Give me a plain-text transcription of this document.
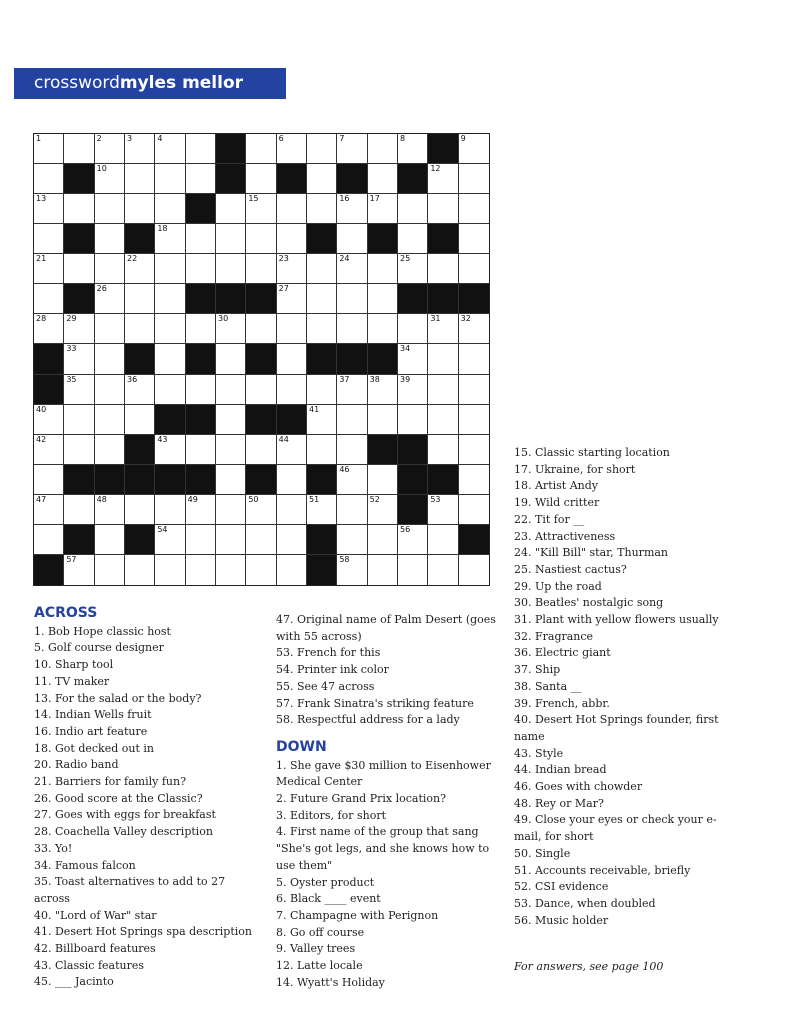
crosswordmyles mellor
1	2	3	4	6	7	8	9
10	12
13	15	16	17
18
21	22	23	24	25
26	27
28	29	30	31	32
33	34
35	36	37	38	39
40	41
42	43	44
46
47	48	49	50	51	52	53
54	56
57	58
ACROSS
1. Bob Hope classic host
5. Golf course designer
10. Sharp tool
11. TV maker
13. For the salad or the body?
14. Indian Wells fruit
16. Indio art feature
18. Got decked out in
20. Radio band
21. Barriers for family fun?
26. Good score at the Classic?
27. Goes with eggs for breakfast
28. Coachella Valley description
33. Yo!
34. Famous falcon
35. Toast alternatives to add to 27 across
40. "Lord of War" star
41. Desert Hot Springs spa description
42. Billboard features
43. Classic features
45. ___ Jacinto
47. Original name of Palm Desert (goes with 55 across)
53. French for this
54. Printer ink color
55. See 47 across
57. Frank Sinatra's striking feature
58. Respectful address for a lady
DOWN
1. She gave $30 million to Eisenhower Medical Center
2. Future Grand Prix location?
3. Editors, for short
4. First name of the group that sang "She's got legs, and she knows how to use them"
5. Oyster product
6. Black ____ event
7. Champagne with Perignon
8. Go off course
9. Valley trees
12. Latte locale
14. Wyatt's Holiday
15. Classic starting location
17. Ukraine, for short
18. Artist Andy
19. Wild critter
22. Tit for __
23. Attractiveness
24. "Kill Bill" star, Thurman
25. Nastiest cactus?
29. Up the road
30. Beatles' nostalgic song
31. Plant with yellow flowers usually
32. Fragrance
36. Electric giant
37. Ship
38. Santa __
39. French, abbr.
40. Desert Hot Springs founder, first name
43. Style
44. Indian bread
46. Goes with chowder
48. Rey or Mar?
49. Close your eyes or check your e-mail, for short
50. Single
51. Accounts receivable, briefly
52. CSI evidence
53. Dance, when doubled
56. Music holder
For answers, see page 100
